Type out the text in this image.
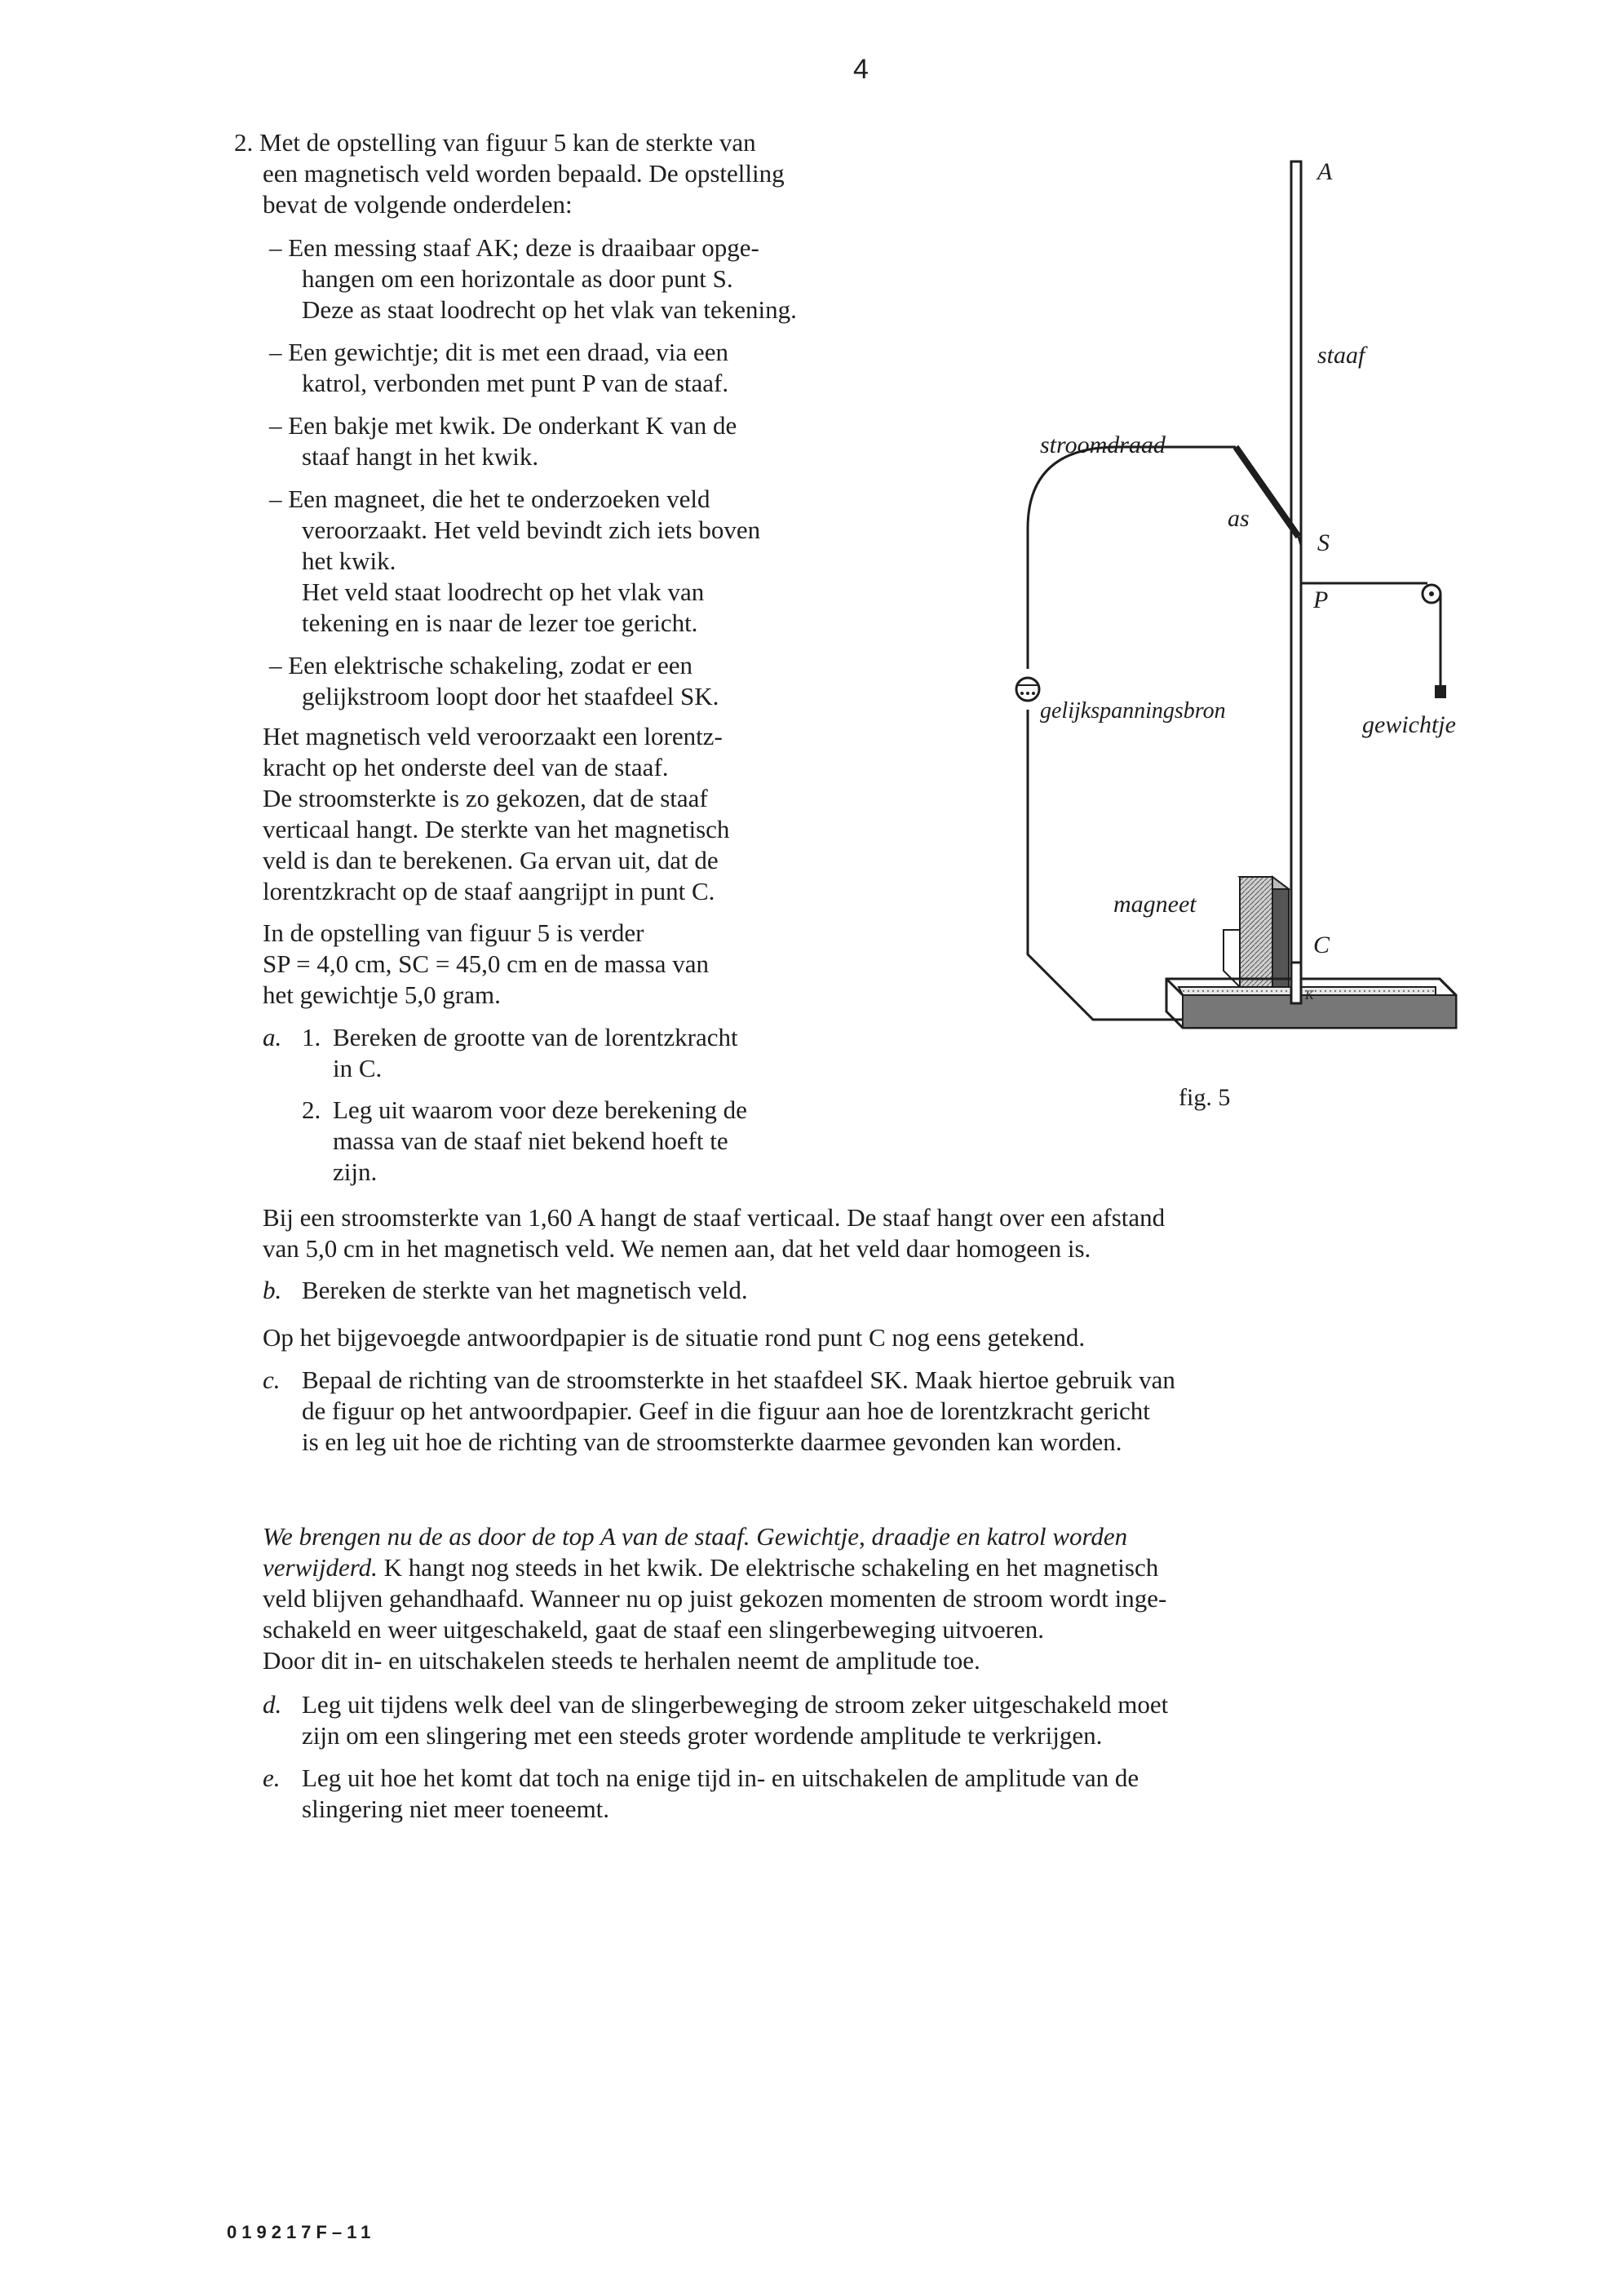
4
2. Met de opstelling van figuur 5 kan de sterkte van
een magnetisch veld worden bepaald. De opstelling
bevat de volgende onderdelen:
– Een messing staaf AK; deze is draaibaar opge-
hangen om een horizontale as door punt S.
Deze as staat loodrecht op het vlak van tekening.
– Een gewichtje; dit is met een draad, via een
katrol, verbonden met punt P van de staaf.
– Een bakje met kwik. De onderkant K van de
staaf hangt in het kwik.
– Een magneet, die het te onderzoeken veld
veroorzaakt. Het veld bevindt zich iets boven
het kwik.
Het veld staat loodrecht op het vlak van
tekening en is naar de lezer toe gericht.
– Een elektrische schakeling, zodat er een
gelijkstroom loopt door het staafdeel SK.
Het magnetisch veld veroorzaakt een lorentz-
kracht op het onderste deel van de staaf.
De stroomsterkte is zo gekozen, dat de staaf
verticaal hangt. De sterkte van het magnetisch
veld is dan te berekenen. Ga ervan uit, dat de
lorentzkracht op de staaf aangrijpt in punt C.
In de opstelling van figuur 5 is verder
SP = 4,0 cm, SC = 45,0 cm en de massa van
het gewichtje 5,0 gram.
a. 1. Bereken de grootte van de lorentzkracht
in C.
2. Leg uit waarom voor deze berekening de
massa van de staaf niet bekend hoeft te
zijn.
Bij een stroomsterkte van 1,60 A hangt de staaf verticaal. De staaf hangt over een afstand
van 5,0 cm in het magnetisch veld. We nemen aan, dat het veld daar homogeen is.
b. Bereken de sterkte van het magnetisch veld.
Op het bijgevoegde antwoordpapier is de situatie rond punt C nog eens getekend.
c. Bepaal de richting van de stroomsterkte in het staafdeel SK. Maak hiertoe gebruik van
de figuur op het antwoordpapier. Geef in die figuur aan hoe de lorentzkracht gericht
is en leg uit hoe de richting van de stroomsterkte daarmee gevonden kan worden.
We brengen nu de as door de top A van de staaf. Gewichtje, draadje en katrol worden
verwijderd. K hangt nog steeds in het kwik. De elektrische schakeling en het magnetisch
veld blijven gehandhaafd. Wanneer nu op juist gekozen momenten de stroom wordt inge-
schakeld en weer uitgeschakeld, gaat de staaf een slingerbeweging uitvoeren.
Door dit in- en uitschakelen steeds te herhalen neemt de amplitude toe.
d. Leg uit tijdens welk deel van de slingerbeweging de stroom zeker uitgeschakeld moet
zijn om een slingering met een steeds groter wordende amplitude te verkrijgen.
e. Leg uit hoe het komt dat toch na enige tijd in- en uitschakelen de amplitude van de
slingering niet meer toeneemt.
019217F–11
A
staaf
stroomdraad
as
S
P
gelijkspanningsbron
gewichtje
magneet
C
K
fig. 5
